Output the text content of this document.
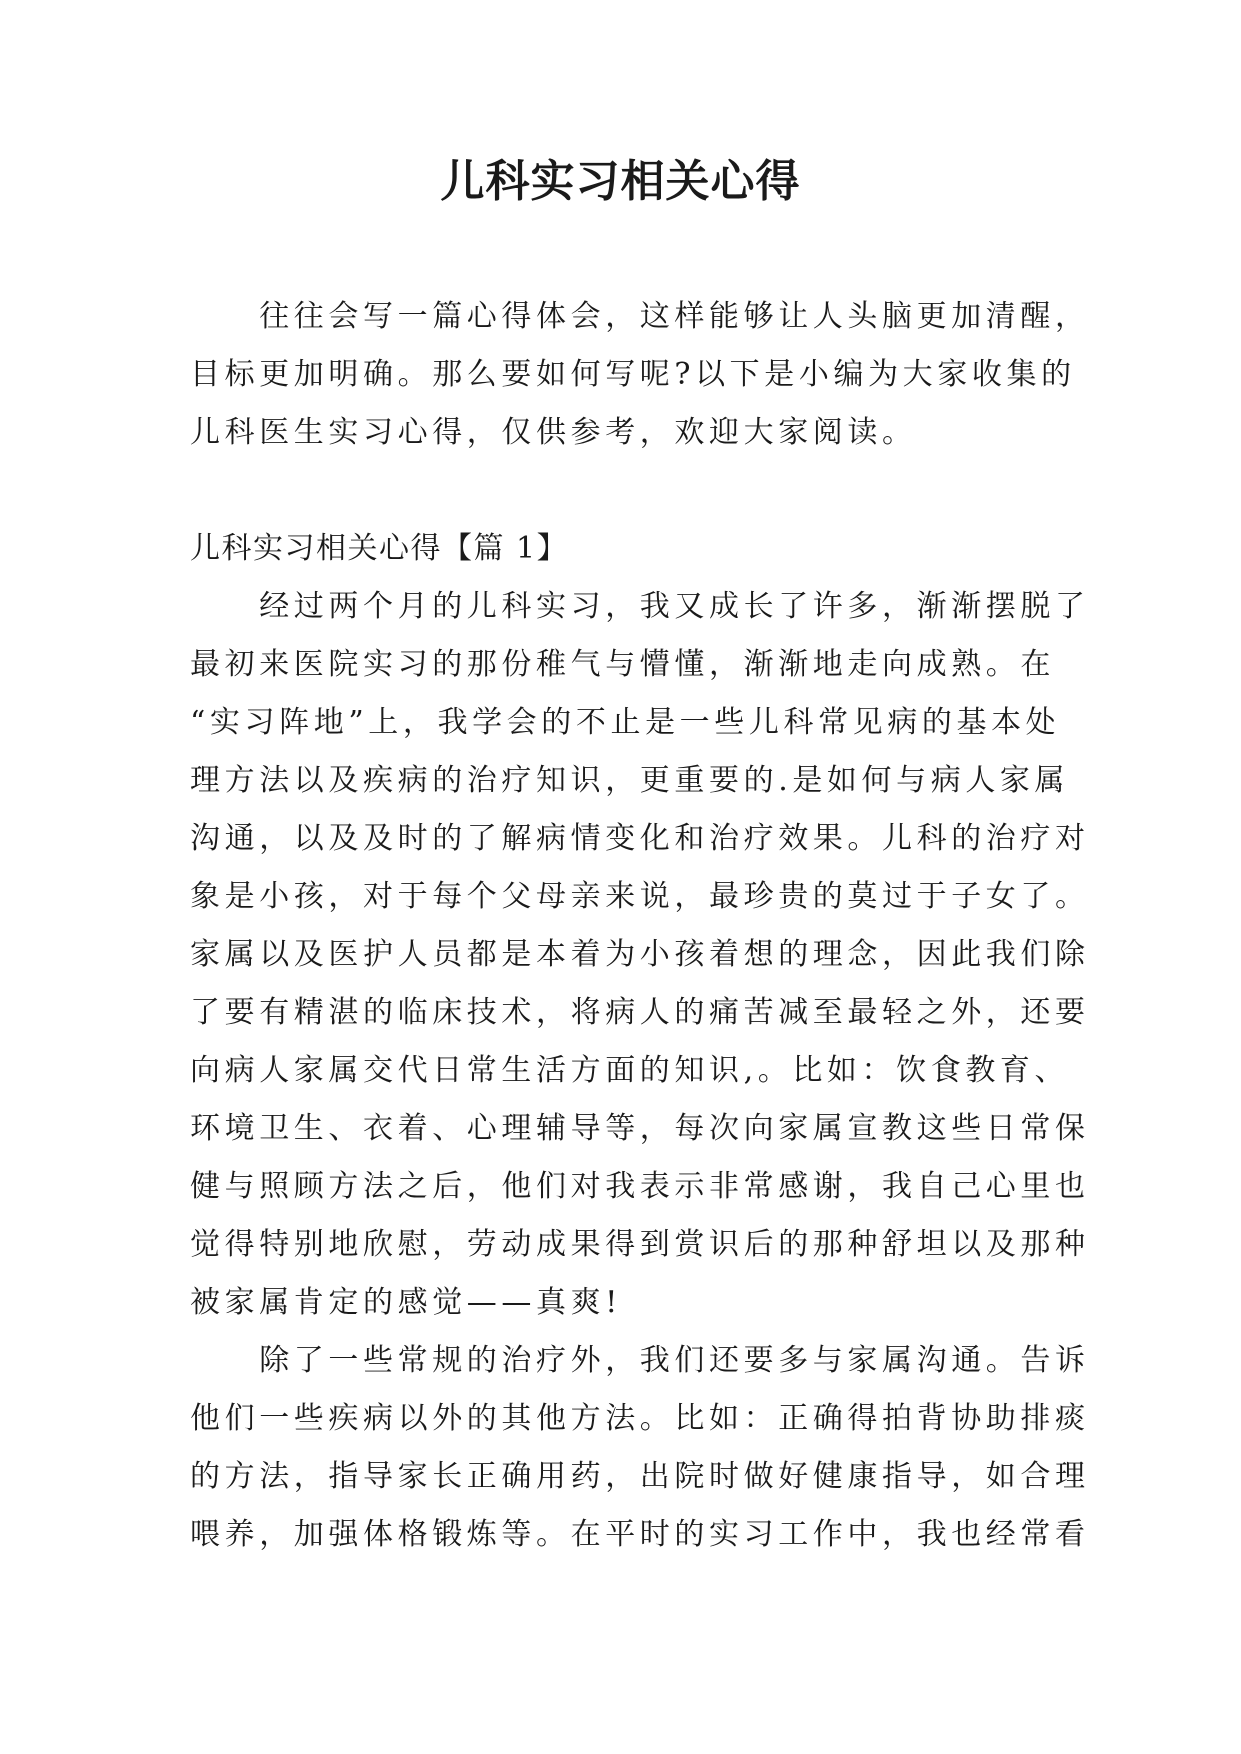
儿科实习相关心得
　　往往会写一篇心得体会，这样能够让人头脑更加清醒，
目标更加明确。那么要如何写呢?以下是小编为大家收集的
儿科医生实习心得，仅供参考，欢迎大家阅读。
儿科实习相关心得【篇 1】
　　经过两个月的儿科实习，我又成长了许多，渐渐摆脱了
最初来医院实习的那份稚气与懵懂，渐渐地走向成熟。在
“实习阵地”上，我学会的不止是一些儿科常见病的基本处
理方法以及疾病的治疗知识，更重要的.是如何与病人家属
沟通，以及及时的了解病情变化和治疗效果。儿科的治疗对
象是小孩，对于每个父母亲来说，最珍贵的莫过于子女了。
家属以及医护人员都是本着为小孩着想的理念，因此我们除
了要有精湛的临床技术，将病人的痛苦减至最轻之外，还要
向病人家属交代日常生活方面的知识,。比如：饮食教育、
环境卫生、衣着、心理辅导等，每次向家属宣教这些日常保
健与照顾方法之后，他们对我表示非常感谢，我自己心里也
觉得特别地欣慰，劳动成果得到赏识后的那种舒坦以及那种
被家属肯定的感觉——真爽!
　　除了一些常规的治疗外，我们还要多与家属沟通。告诉
他们一些疾病以外的其他方法。比如：正确得拍背协助排痰
的方法，指导家长正确用药，出院时做好健康指导，如合理
喂养，加强体格锻炼等。在平时的实习工作中，我也经常看
